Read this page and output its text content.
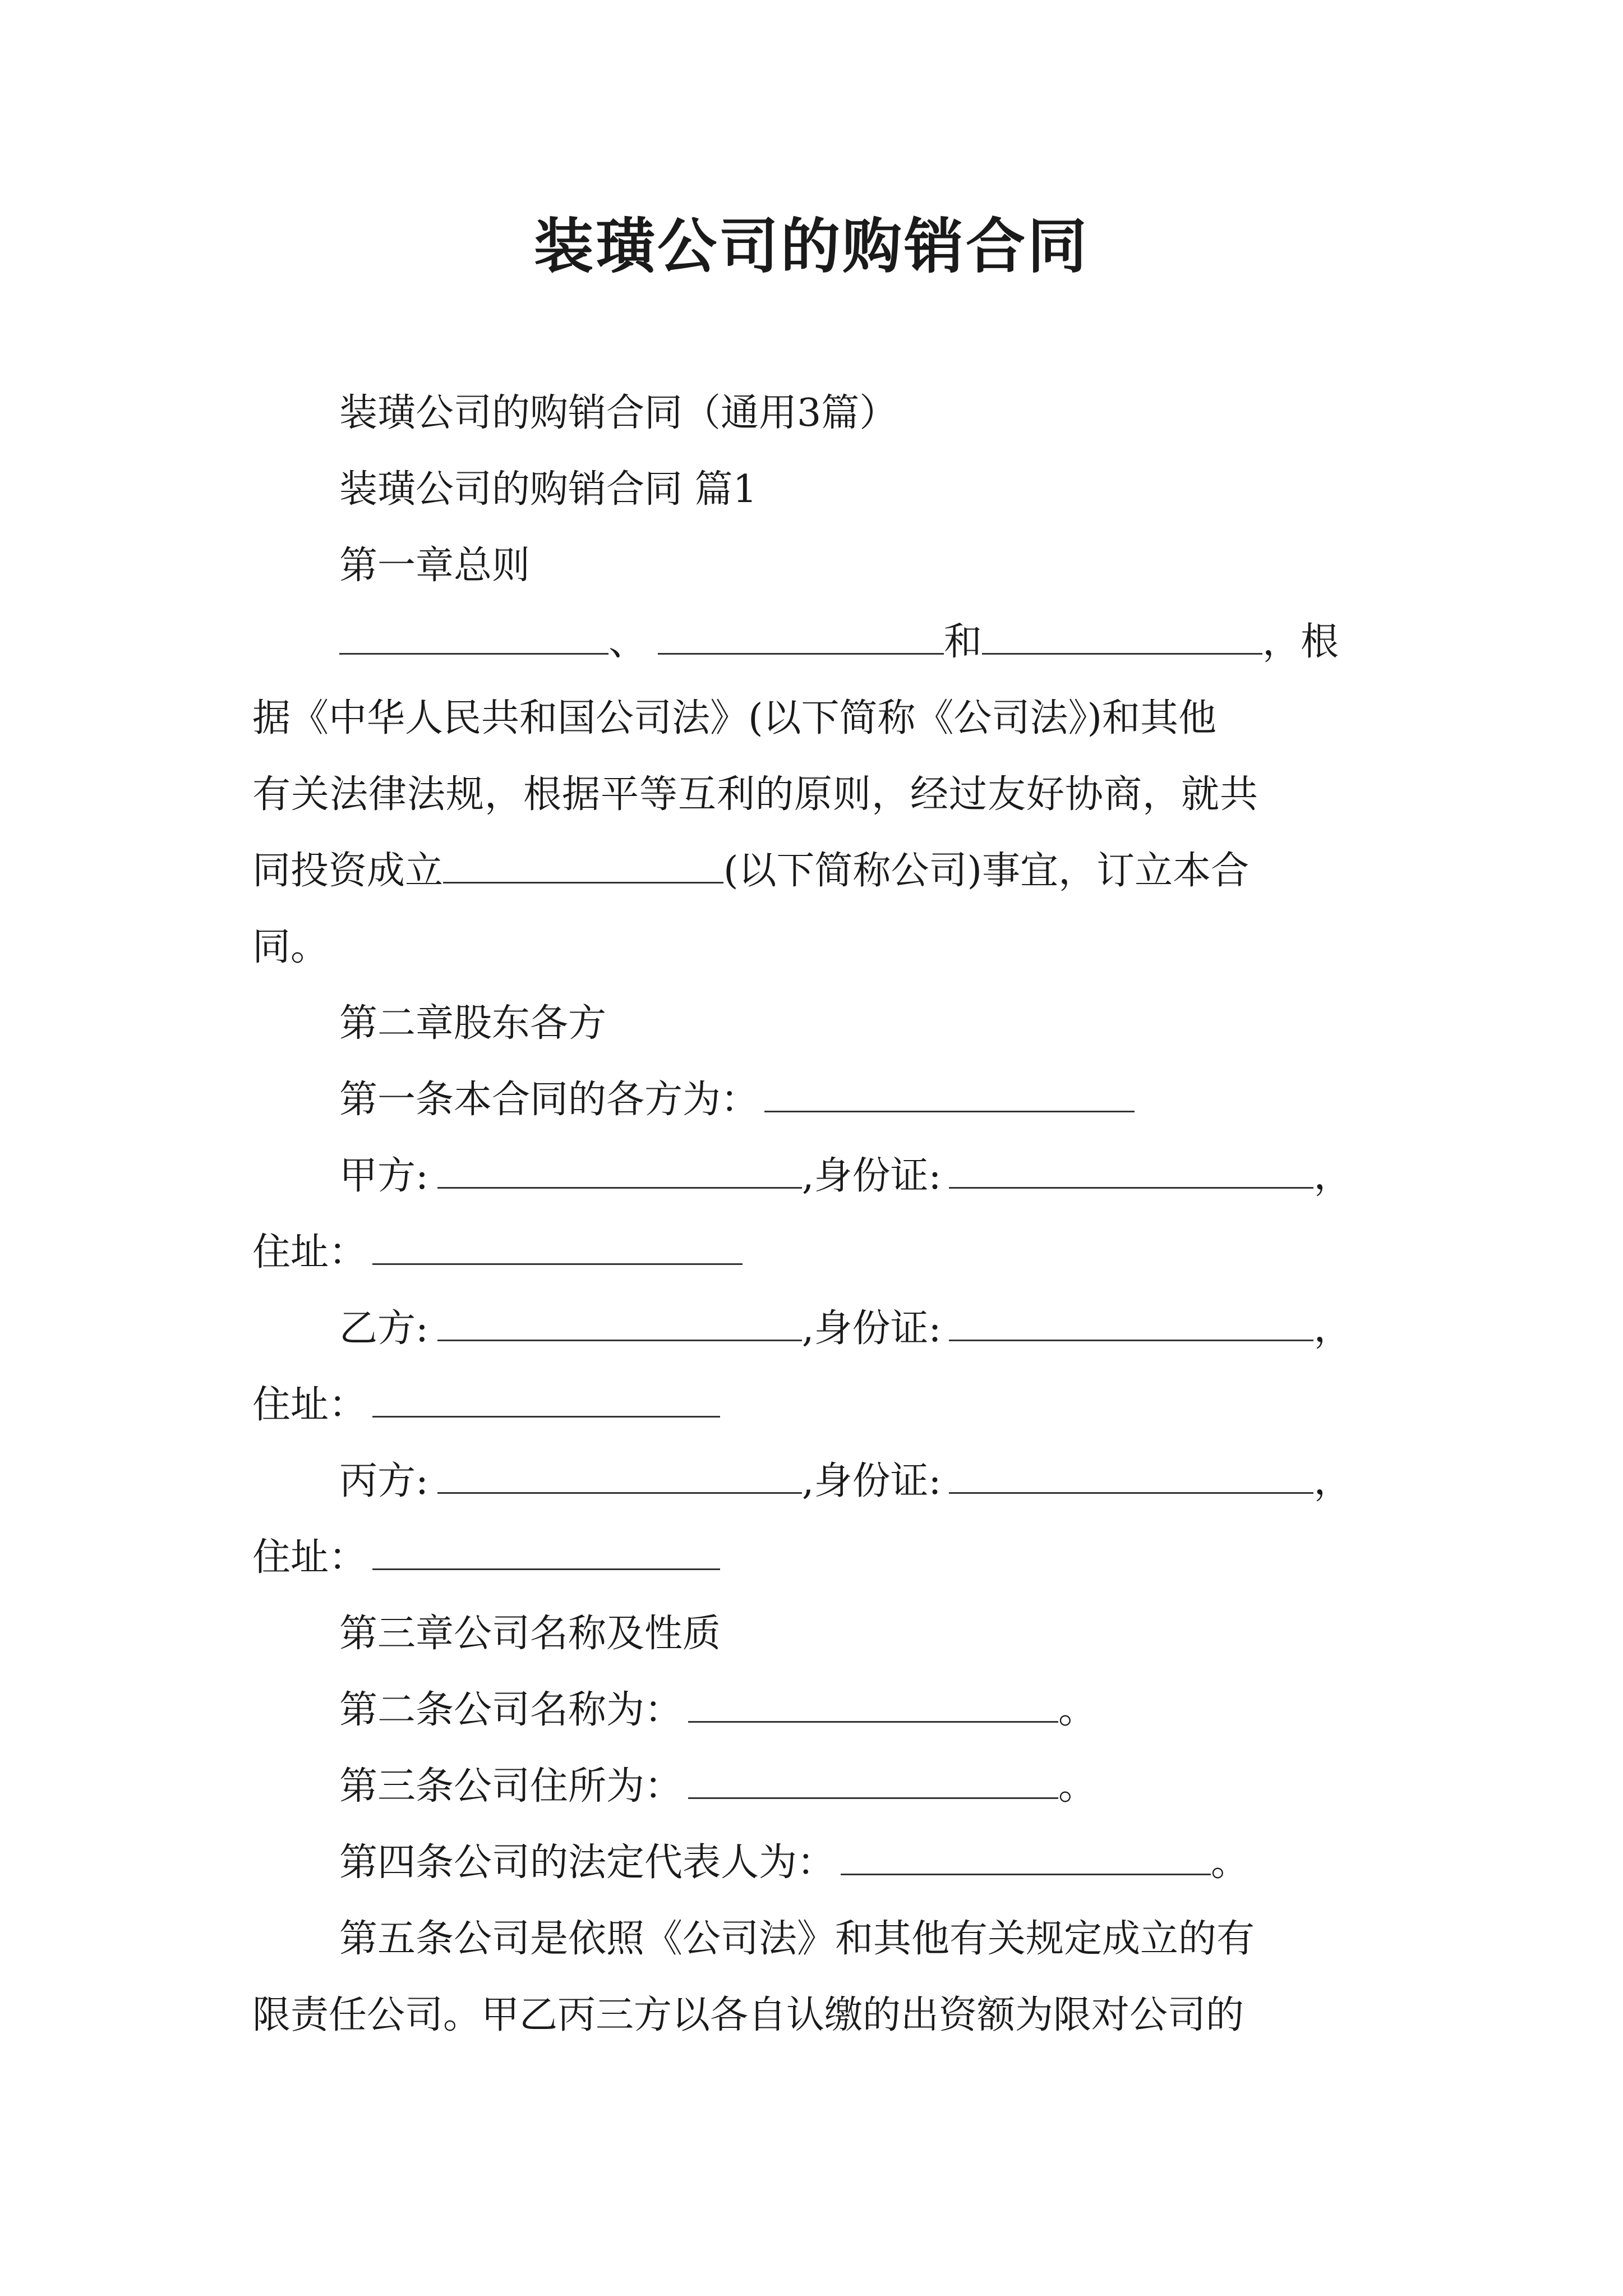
装璜公司的购销合同
装璜公司的购销合同（通用3篇）
装璜公司的购销合同 篇1
第一章总则
、	和	，根
据《中华人民共和国公司法》(以下简称《公司法》)和其他
有关法律法规，根据平等互利的原则，经过友好协商，就共
同投资成立	(以下简称公司)事宜，订立本合
同。
第二章股东各方
第一条本合同的各方为：
甲方:	,身份证:	，
住址：
乙方:	,身份证:	，
住址：
丙方:	,身份证:	，
住址：
第三章公司名称及性质
第二条公司名称为：	。
第三条公司住所为：	。
第四条公司的法定代表人为：	。
第五条公司是依照《公司法》和其他有关规定成立的有
限责任公司。甲乙丙三方以各自认缴的出资额为限对公司的
